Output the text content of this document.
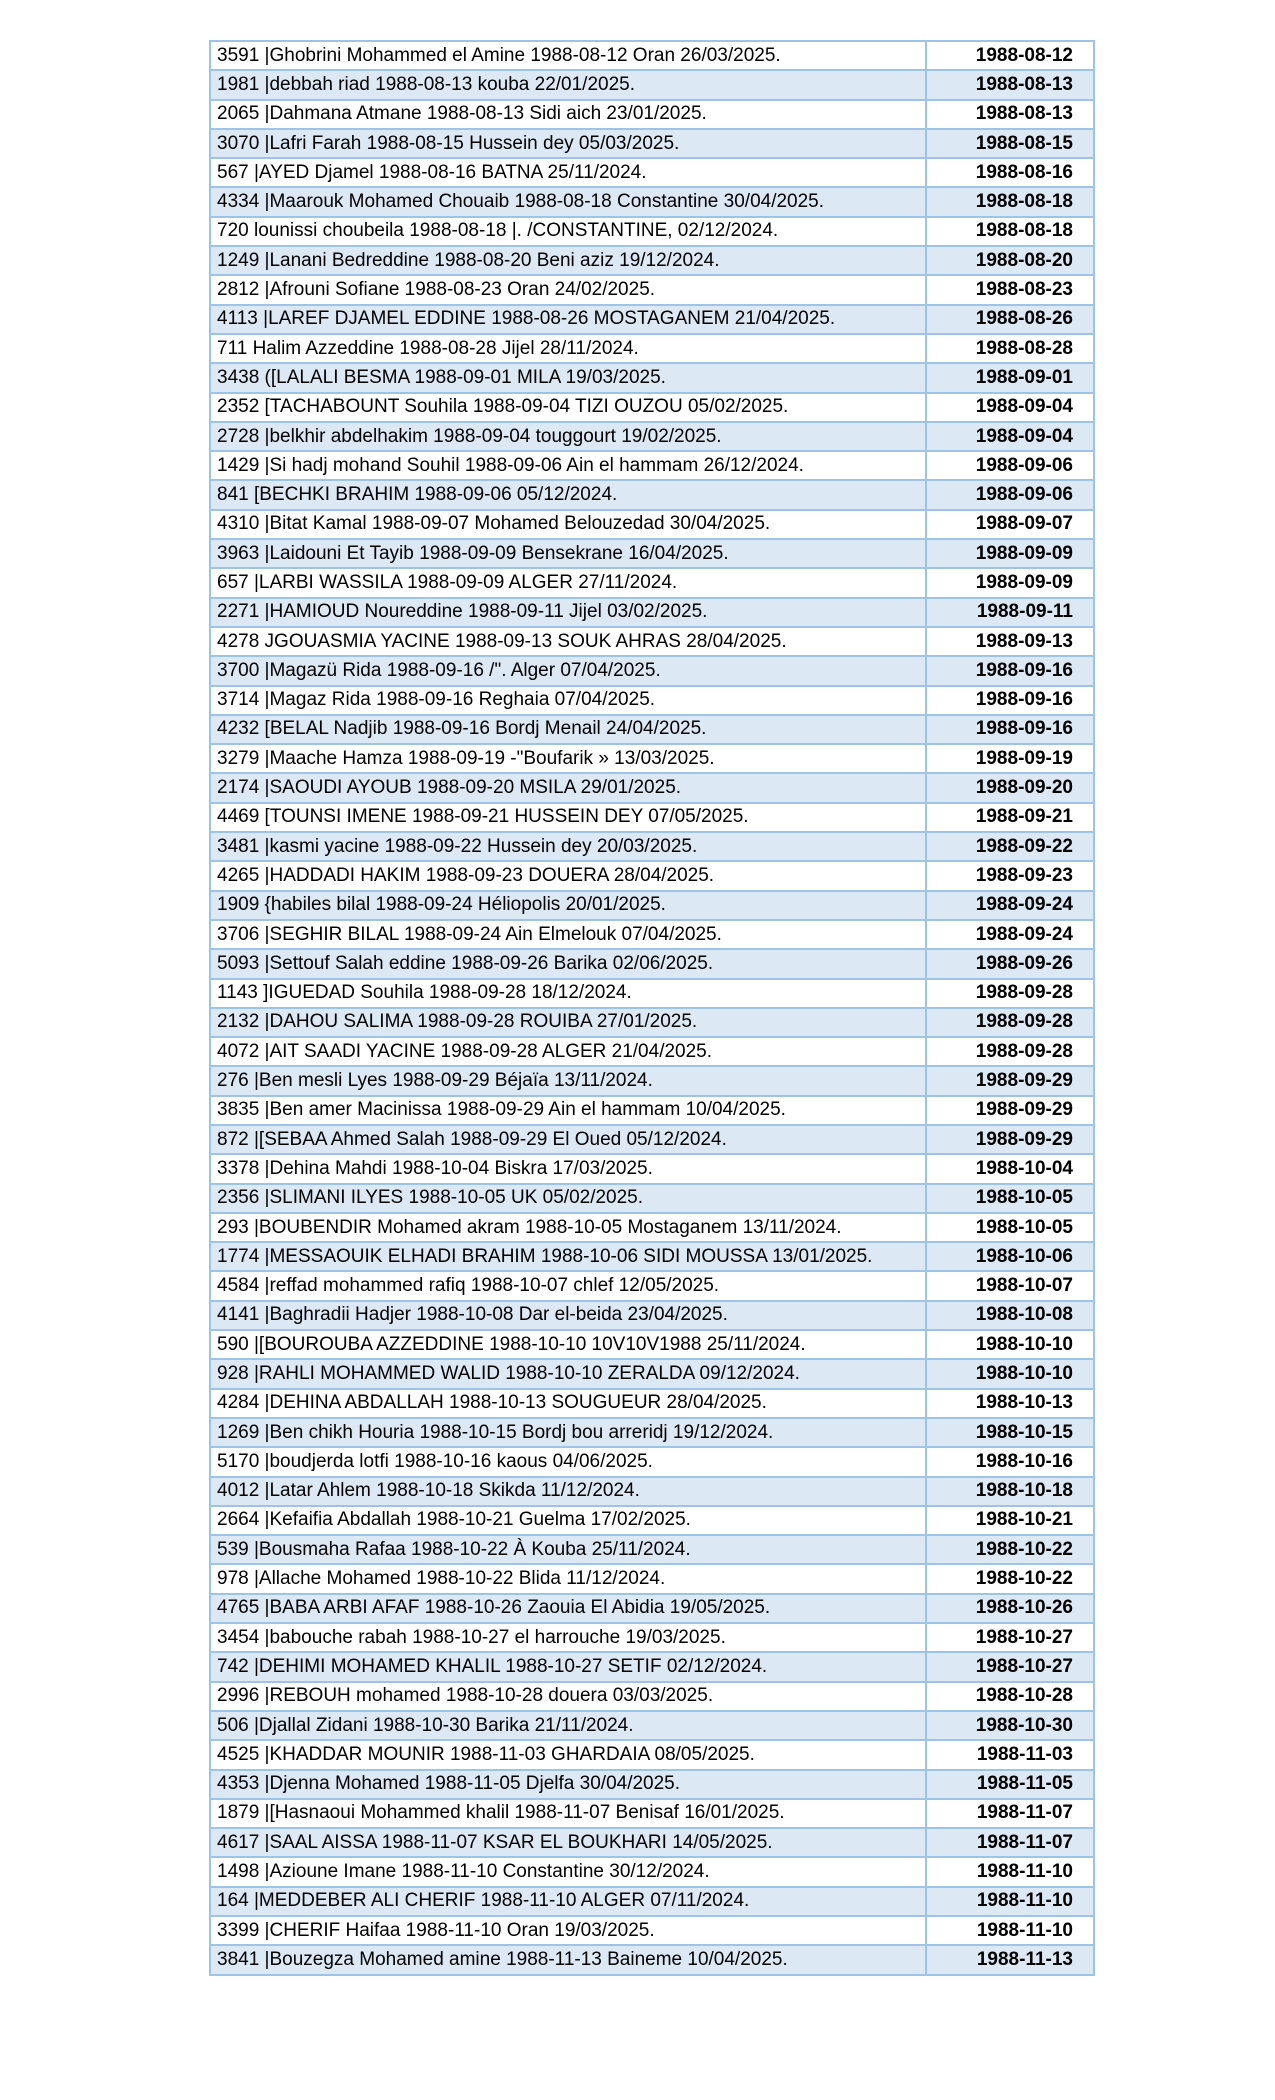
3591 |Ghobrini Mohammed el Amine 1988-08-12 Oran 26/03/2025.	1988-08-12
1981 |debbah riad 1988-08-13 kouba 22/01/2025.	1988-08-13
2065 |Dahmana Atmane 1988-08-13 Sidi aich 23/01/2025.	1988-08-13
3070 |Lafri Farah 1988-08-15 Hussein dey 05/03/2025.	1988-08-15
567 |AYED Djamel 1988-08-16 BATNA 25/11/2024.	1988-08-16
4334 |Maarouk Mohamed Chouaib 1988-08-18 Constantine 30/04/2025.	1988-08-18
720 lounissi choubeila 1988-08-18 |. /CONSTANTINE, 02/12/2024.	1988-08-18
1249 |Lanani Bedreddine 1988-08-20 Beni aziz 19/12/2024.	1988-08-20
2812 |Afrouni Sofiane 1988-08-23 Oran 24/02/2025.	1988-08-23
4113 |LAREF DJAMEL EDDINE 1988-08-26 MOSTAGANEM 21/04/2025.	1988-08-26
711 Halim Azzeddine 1988-08-28 Jijel 28/11/2024.	1988-08-28
3438 ([LALALI BESMA 1988-09-01 MILA 19/03/2025.	1988-09-01
2352 [TACHABOUNT Souhila 1988-09-04 TIZI OUZOU 05/02/2025.	1988-09-04
2728 |belkhir abdelhakim 1988-09-04 touggourt 19/02/2025.	1988-09-04
1429 |Si hadj mohand Souhil 1988-09-06 Ain el hammam 26/12/2024.	1988-09-06
841 [BECHKI BRAHIM 1988-09-06 05/12/2024.	1988-09-06
4310 |Bitat Kamal 1988-09-07 Mohamed Belouzedad 30/04/2025.	1988-09-07
3963 |Laidouni Et Tayib 1988-09-09 Bensekrane 16/04/2025.	1988-09-09
657 |LARBI WASSILA 1988-09-09 ALGER 27/11/2024.	1988-09-09
2271 |HAMIOUD Noureddine 1988-09-11 Jijel 03/02/2025.	1988-09-11
4278 JGOUASMIA YACINE 1988-09-13 SOUK AHRAS 28/04/2025.	1988-09-13
3700 |Magazü Rida 1988-09-16 /". Alger 07/04/2025.	1988-09-16
3714 |Magaz Rida 1988-09-16 Reghaia 07/04/2025.	1988-09-16
4232 [BELAL Nadjib 1988-09-16 Bordj Menail 24/04/2025.	1988-09-16
3279 |Maache Hamza 1988-09-19 -"Boufarik » 13/03/2025.	1988-09-19
2174 |SAOUDI AYOUB 1988-09-20 MSILA 29/01/2025.	1988-09-20
4469 [TOUNSI IMENE 1988-09-21 HUSSEIN DEY 07/05/2025.	1988-09-21
3481 |kasmi yacine 1988-09-22 Hussein dey 20/03/2025.	1988-09-22
4265 |HADDADI HAKIM 1988-09-23 DOUERA 28/04/2025.	1988-09-23
1909 {habiles bilal 1988-09-24 Héliopolis 20/01/2025.	1988-09-24
3706 |SEGHIR BILAL 1988-09-24 Ain Elmelouk 07/04/2025.	1988-09-24
5093 |Settouf Salah eddine 1988-09-26 Barika 02/06/2025.	1988-09-26
1143 ]IGUEDAD Souhila 1988-09-28 18/12/2024.	1988-09-28
2132 |DAHOU SALIMA 1988-09-28 ROUIBA 27/01/2025.	1988-09-28
4072 |AIT SAADI YACINE 1988-09-28 ALGER 21/04/2025.	1988-09-28
276 |Ben mesli Lyes 1988-09-29 Béjaïa 13/11/2024.	1988-09-29
3835 |Ben amer Macinissa 1988-09-29 Ain el hammam 10/04/2025.	1988-09-29
872 |[SEBAA Ahmed Salah 1988-09-29 El Oued 05/12/2024.	1988-09-29
3378 |Dehina Mahdi 1988-10-04 Biskra 17/03/2025.	1988-10-04
2356 |SLIMANI ILYES 1988-10-05 UK 05/02/2025.	1988-10-05
293 |BOUBENDIR Mohamed akram 1988-10-05 Mostaganem 13/11/2024.	1988-10-05
1774 |MESSAOUIK ELHADI BRAHIM 1988-10-06 SIDI MOUSSA 13/01/2025.	1988-10-06
4584 |reffad mohammed rafiq 1988-10-07 chlef 12/05/2025.	1988-10-07
4141 |Baghradii Hadjer 1988-10-08 Dar el-beida 23/04/2025.	1988-10-08
590 |[BOUROUBA AZZEDDINE 1988-10-10 10V10V1988 25/11/2024.	1988-10-10
928 |RAHLI MOHAMMED WALID 1988-10-10 ZERALDA 09/12/2024.	1988-10-10
4284 |DEHINA ABDALLAH 1988-10-13 SOUGUEUR 28/04/2025.	1988-10-13
1269 |Ben chikh Houria 1988-10-15 Bordj bou arreridj 19/12/2024.	1988-10-15
5170 |boudjerda lotfi 1988-10-16 kaous 04/06/2025.	1988-10-16
4012 |Latar Ahlem 1988-10-18 Skikda 11/12/2024.	1988-10-18
2664 |Kefaifia Abdallah 1988-10-21 Guelma 17/02/2025.	1988-10-21
539 |Bousmaha Rafaa 1988-10-22 À Kouba 25/11/2024.	1988-10-22
978 |Allache Mohamed 1988-10-22 Blida 11/12/2024.	1988-10-22
4765 |BABA ARBI AFAF 1988-10-26 Zaouia El Abidia 19/05/2025.	1988-10-26
3454 |babouche rabah 1988-10-27 el harrouche 19/03/2025.	1988-10-27
742 |DEHIMI MOHAMED KHALIL 1988-10-27 SETIF 02/12/2024.	1988-10-27
2996 |REBOUH mohamed 1988-10-28 douera 03/03/2025.	1988-10-28
506 |Djallal Zidani 1988-10-30 Barika 21/11/2024.	1988-10-30
4525 |KHADDAR MOUNIR 1988-11-03 GHARDAIA 08/05/2025.	1988-11-03
4353 |Djenna Mohamed 1988-11-05 Djelfa 30/04/2025.	1988-11-05
1879 |[Hasnaoui Mohammed khalil 1988-11-07 Benisaf 16/01/2025.	1988-11-07
4617 |SAAL AISSA 1988-11-07 KSAR EL BOUKHARI 14/05/2025.	1988-11-07
1498 |Azioune Imane 1988-11-10 Constantine 30/12/2024.	1988-11-10
164 |MEDDEBER ALI CHERIF 1988-11-10 ALGER 07/11/2024.	1988-11-10
3399 |CHERIF Haifaa 1988-11-10 Oran 19/03/2025.	1988-11-10
3841 |Bouzegza Mohamed amine 1988-11-13 Baineme 10/04/2025.	1988-11-13
